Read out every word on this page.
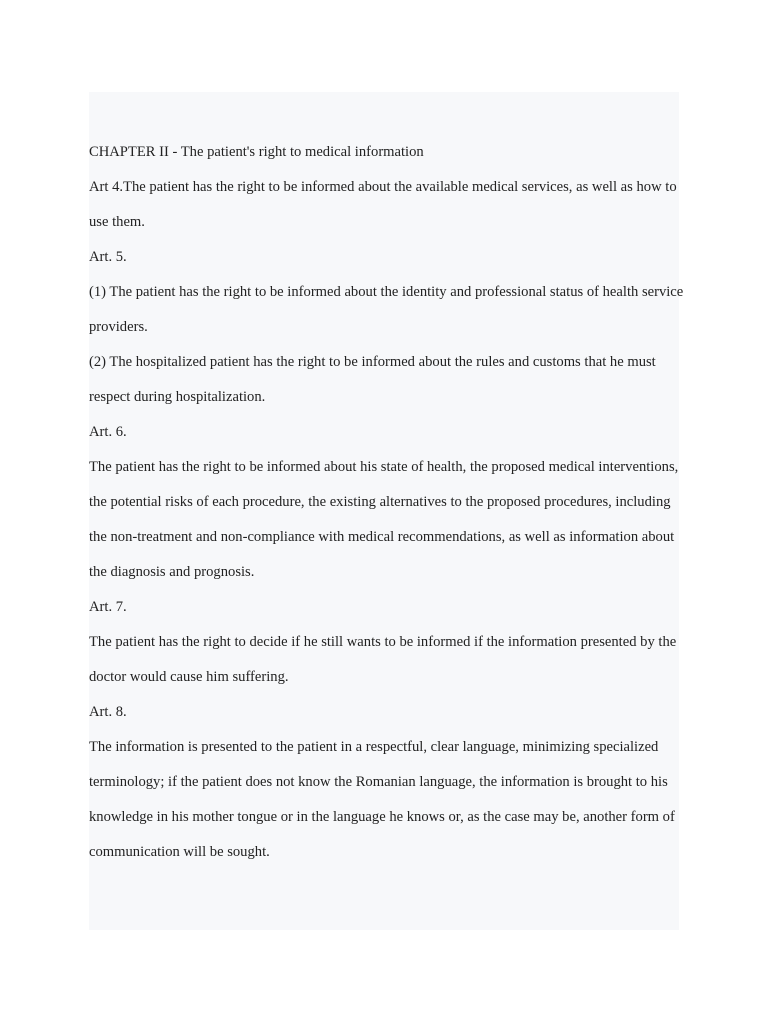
CHAPTER II - The patient's right to medical information

Art 4.The patient has the right to be informed about the available medical services, as well as how to use them.

Art. 5.

(1) The patient has the right to be informed about the identity and professional status of health service providers.

(2) The hospitalized patient has the right to be informed about the rules and customs that he must respect during hospitalization.

Art. 6.

The patient has the right to be informed about his state of health, the proposed medical interventions, the potential risks of each procedure, the existing alternatives to the proposed procedures, including the non-treatment and non-compliance with medical recommendations, as well as information about the diagnosis and prognosis.

Art. 7.

The patient has the right to decide if he still wants to be informed if the information presented by the doctor would cause him suffering.

Art. 8.

The information is presented to the patient in a respectful, clear language, minimizing specialized terminology; if the patient does not know the Romanian language, the information is brought to his knowledge in his mother tongue or in the language he knows or, as the case may be, another form of communication will be sought.
